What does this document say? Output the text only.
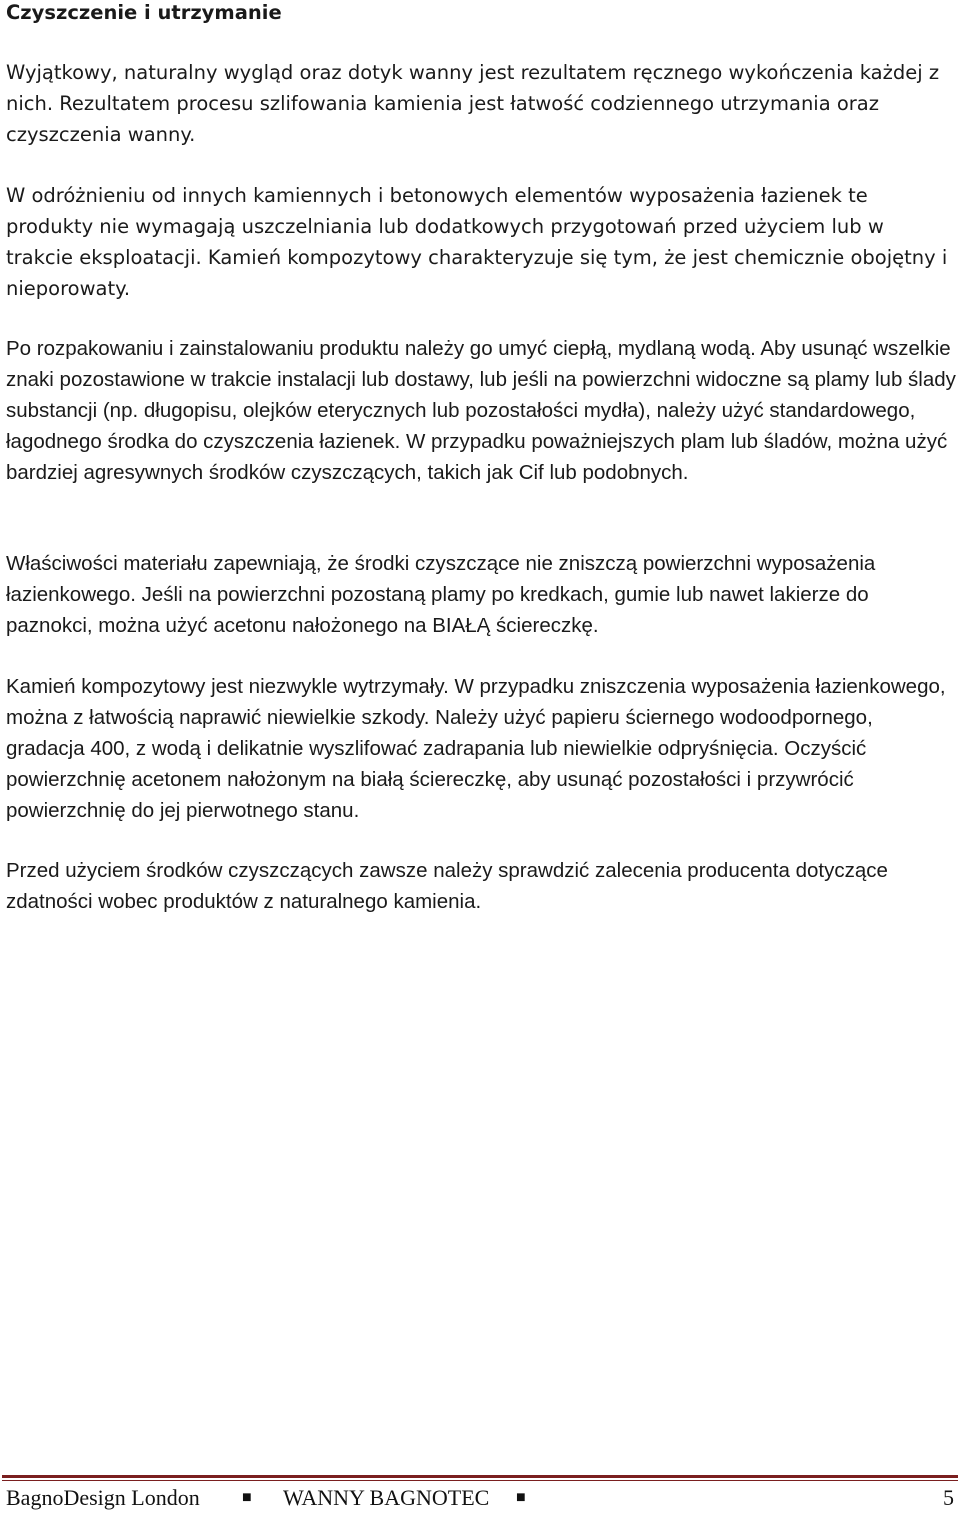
Czyszczenie i utrzymanie

Wyjątkowy, naturalny wygląd oraz dotyk wanny jest rezultatem ręcznego wykończenia każdej z nich. Rezultatem procesu szlifowania kamienia jest łatwość codziennego utrzymania oraz czyszczenia wanny.

W odróżnieniu od innych kamiennych i betonowych elementów wyposażenia łazienek te produkty nie wymagają uszczelniania lub dodatkowych przygotowań przed użyciem lub w trakcie eksploatacji. Kamień kompozytowy charakteryzuje się tym, że jest chemicznie obojętny i nieporowaty.

Po rozpakowaniu i zainstalowaniu produktu należy go umyć ciepłą, mydlaną wodą. Aby usunąć wszelkie znaki pozostawione w trakcie instalacji lub dostawy, lub jeśli na powierzchni widoczne są plamy lub ślady substancji (np. długopisu, olejków eterycznych lub pozostałości mydła), należy użyć standardowego, łagodnego środka do czyszczenia łazienek. W przypadku poważniejszych plam lub śladów, można użyć bardziej agresywnych środków czyszczących, takich jak Cif lub podobnych.

Właściwości materiału zapewniają, że środki czyszczące nie zniszczą powierzchni wyposażenia łazienkowego. Jeśli na powierzchni pozostaną plamy po kredkach, gumie lub nawet lakierze do paznokci, można użyć acetonu nałożonego na BIAŁĄ ściereczkę.

Kamień kompozytowy jest niezwykle wytrzymały. W przypadku zniszczenia wyposażenia łazienkowego, można z łatwością naprawić niewielkie szkody. Należy użyć papieru ściernego wodoodpornego, gradacja 400, z wodą i delikatnie wyszlifować zadrapania lub niewielkie odpryśnięcia. Oczyścić powierzchnię acetonem nałożonym na białą ściereczkę, aby usunąć pozostałości i przywrócić powierzchnię do jej pierwotnego stanu.

Przed użyciem środków czyszczących zawsze należy sprawdzić zalecenia producenta dotyczące zdatności wobec produktów z naturalnego kamienia.

BagnoDesign London	■ WANNY BAGNOTEC ■	5
